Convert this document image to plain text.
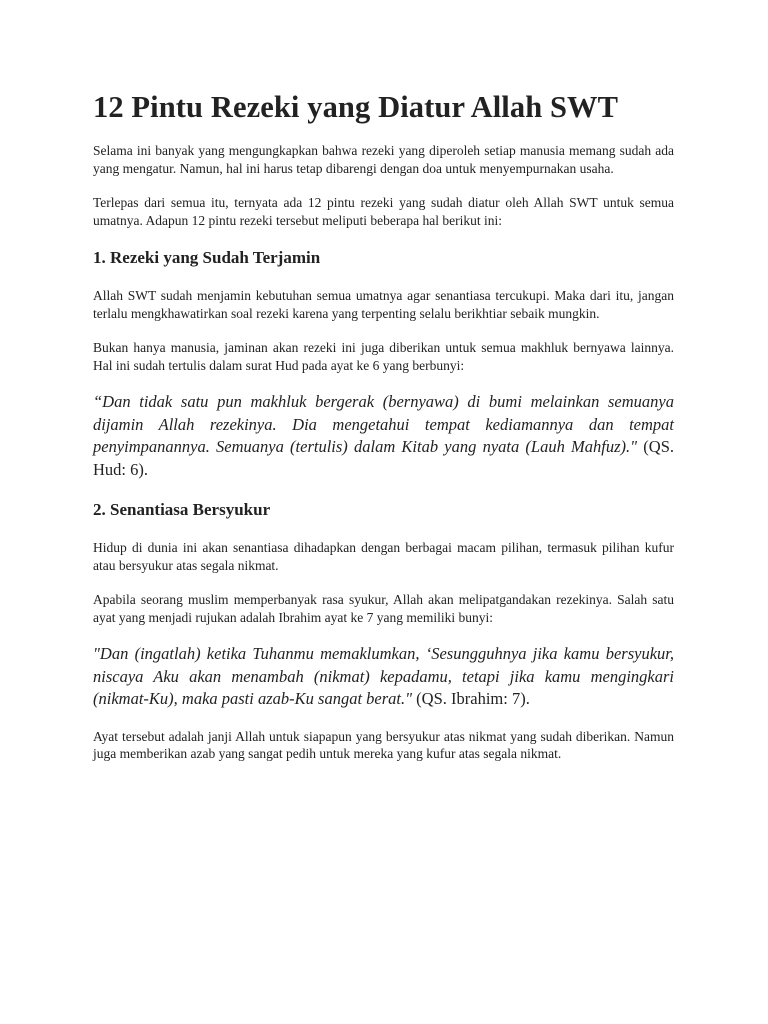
12 Pintu Rezeki yang Diatur Allah SWT

Selama ini banyak yang mengungkapkan bahwa rezeki yang diperoleh setiap manusia memang sudah ada yang mengatur. Namun, hal ini harus tetap dibarengi dengan doa untuk menyempurnakan usaha.

Terlepas dari semua itu, ternyata ada 12 pintu rezeki yang sudah diatur oleh Allah SWT untuk semua umatnya. Adapun 12 pintu rezeki tersebut meliputi beberapa hal berikut ini:

1. Rezeki yang Sudah Terjamin

Allah SWT sudah menjamin kebutuhan semua umatnya agar senantiasa tercukupi. Maka dari itu, jangan terlalu mengkhawatirkan soal rezeki karena yang terpenting selalu berikhtiar sebaik mungkin.

Bukan hanya manusia, jaminan akan rezeki ini juga diberikan untuk semua makhluk bernyawa lainnya. Hal ini sudah tertulis dalam surat Hud pada ayat ke 6 yang berbunyi:

“Dan tidak satu pun makhluk bergerak (bernyawa) di bumi melainkan semuanya dijamin Allah rezekinya. Dia mengetahui tempat kediamannya dan tempat penyimpanannya. Semuanya (tertulis) dalam Kitab yang nyata (Lauh Mahfuz)." (QS. Hud: 6).

2. Senantiasa Bersyukur

Hidup di dunia ini akan senantiasa dihadapkan dengan berbagai macam pilihan, termasuk pilihan kufur atau bersyukur atas segala nikmat.

Apabila seorang muslim memperbanyak rasa syukur, Allah akan melipatgandakan rezekinya. Salah satu ayat yang menjadi rujukan adalah Ibrahim ayat ke 7 yang memiliki bunyi:

"Dan (ingatlah) ketika Tuhanmu memaklumkan, ‘Sesungguhnya jika kamu bersyukur, niscaya Aku akan menambah (nikmat) kepadamu, tetapi jika kamu mengingkari (nikmat-Ku), maka pasti azab-Ku sangat berat." (QS. Ibrahim: 7).

Ayat tersebut adalah janji Allah untuk siapapun yang bersyukur atas nikmat yang sudah diberikan. Namun juga memberikan azab yang sangat pedih untuk mereka yang kufur atas segala nikmat.
